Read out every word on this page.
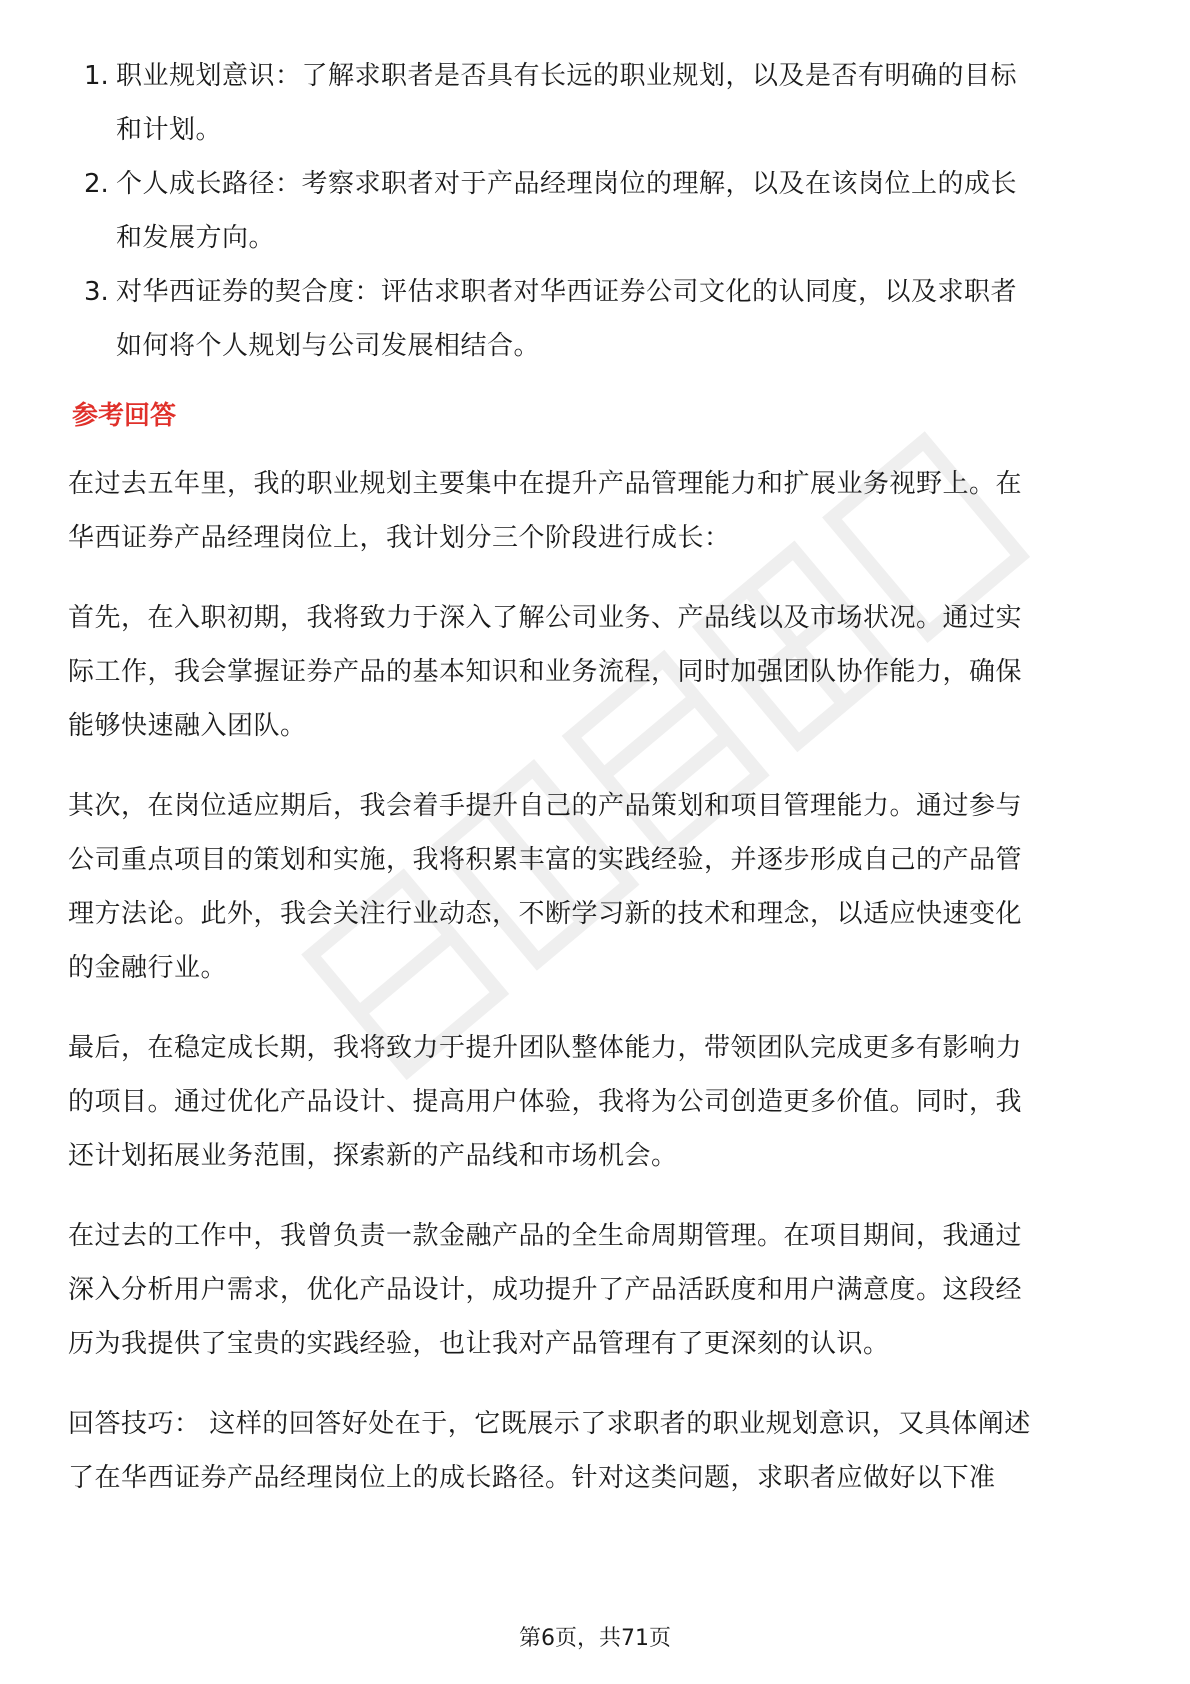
1. 职业规划意识：了解求职者是否具有长远的职业规划，以及是否有明确的目标
和计划。
2. 个人成长路径：考察求职者对于产品经理岗位的理解，以及在该岗位上的成长
和发展方向。
3. 对华西证券的契合度：评估求职者对华西证券公司文化的认同度，以及求职者
如何将个人规划与公司发展相结合。
参考回答
在过去五年里，我的职业规划主要集中在提升产品管理能力和扩展业务视野上。在
华西证券产品经理岗位上，我计划分三个阶段进行成长：
首先，在入职初期，我将致力于深入了解公司业务、产品线以及市场状况。通过实
际工作，我会掌握证券产品的基本知识和业务流程，同时加强团队协作能力，确保
能够快速融入团队。
其次，在岗位适应期后，我会着手提升自己的产品策划和项目管理能力。通过参与
公司重点项目的策划和实施，我将积累丰富的实践经验，并逐步形成自己的产品管
理方法论。此外，我会关注行业动态，不断学习新的技术和理念，以适应快速变化
的金融行业。
最后，在稳定成长期，我将致力于提升团队整体能力，带领团队完成更多有影响力
的项目。通过优化产品设计、提高用户体验，我将为公司创造更多价值。同时，我
还计划拓展业务范围，探索新的产品线和市场机会。
在过去的工作中，我曾负责一款金融产品的全生命周期管理。在项目期间，我通过
深入分析用户需求，优化产品设计，成功提升了产品活跃度和用户满意度。这段经
历为我提供了宝贵的实践经验，也让我对产品管理有了更深刻的认识。
回答技巧： 这样的回答好处在于，它既展示了求职者的职业规划意识，又具体阐述
了在华西证券产品经理岗位上的成长路径。针对这类问题，求职者应做好以下准
第6页，共71页
